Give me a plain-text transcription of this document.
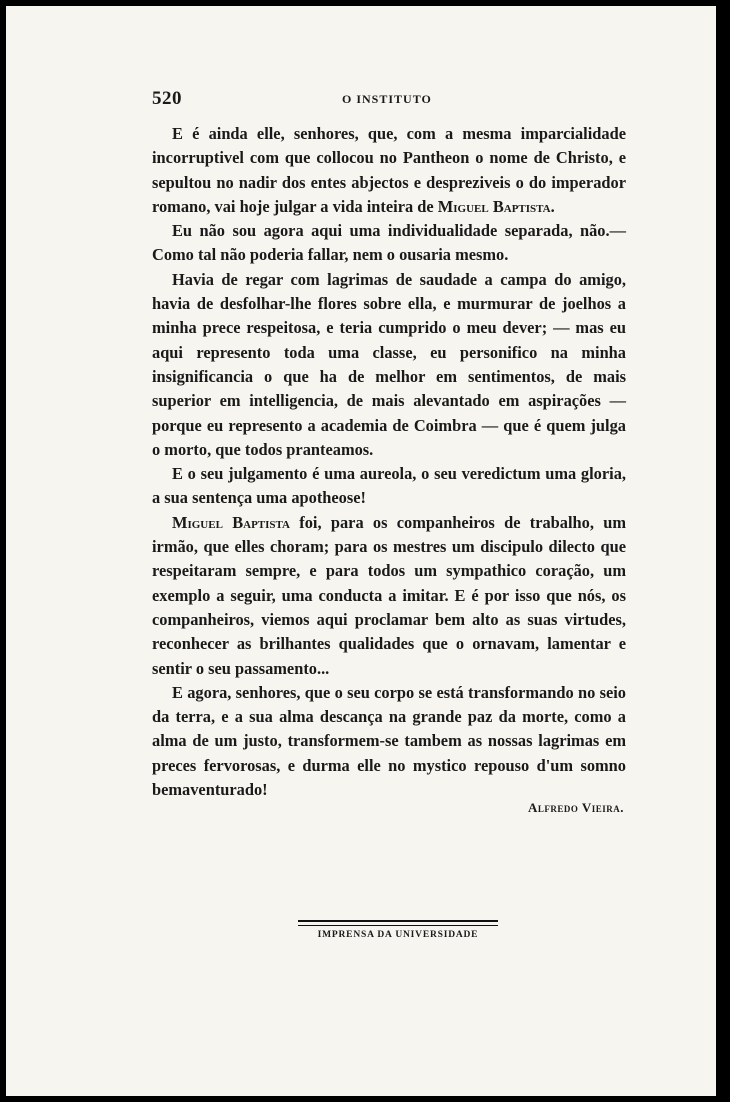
520	O INSTITUTO

E é ainda elle, senhores, que, com a mesma imparcialidade incorruptivel com que collocou no Pantheon o nome de Christo, e sepultou no nadir dos entes abjectos e despreziveis o do imperador romano, vai hoje julgar a vida inteira de Miguel Baptista.

Eu não sou agora aqui uma individualidade separada, não.— Como tal não poderia fallar, nem o ousaria mesmo.

Havia de regar com lagrimas de saudade a campa do amigo, havia de desfolhar-lhe flores sobre ella, e murmurar de joelhos a minha prece respeitosa, e teria cumprido o meu dever; — mas eu aqui represento toda uma classe, eu personifico na minha insignificancia o que ha de melhor em sentimentos, de mais superior em intelligencia, de mais alevantado em aspirações — porque eu represento a academia de Coimbra — que é quem julga o morto, que todos pranteamos.

E o seu julgamento é uma aureola, o seu veredictum uma gloria, a sua sentença uma apotheose!

Miguel Baptista foi, para os companheiros de trabalho, um irmão, que elles choram; para os mestres um discipulo dilecto que respeitaram sempre, e para todos um sympathico coração, um exemplo a seguir, uma conducta a imitar. E é por isso que nós, os companheiros, viemos aqui proclamar bem alto as suas virtudes, reconhecer as brilhantes qualidades que o ornavam, lamentar e sentir o seu passamento...

E agora, senhores, que o seu corpo se está transformando no seio da terra, e a sua alma descança na grande paz da morte, como a alma de um justo, transformem-se tambem as nossas lagrimas em preces fervorosas, e durma elle no mystico repouso d'um somno bemaventurado!

Alfredo Vieira.
IMPRENSA DA UNIVERSIDADE
